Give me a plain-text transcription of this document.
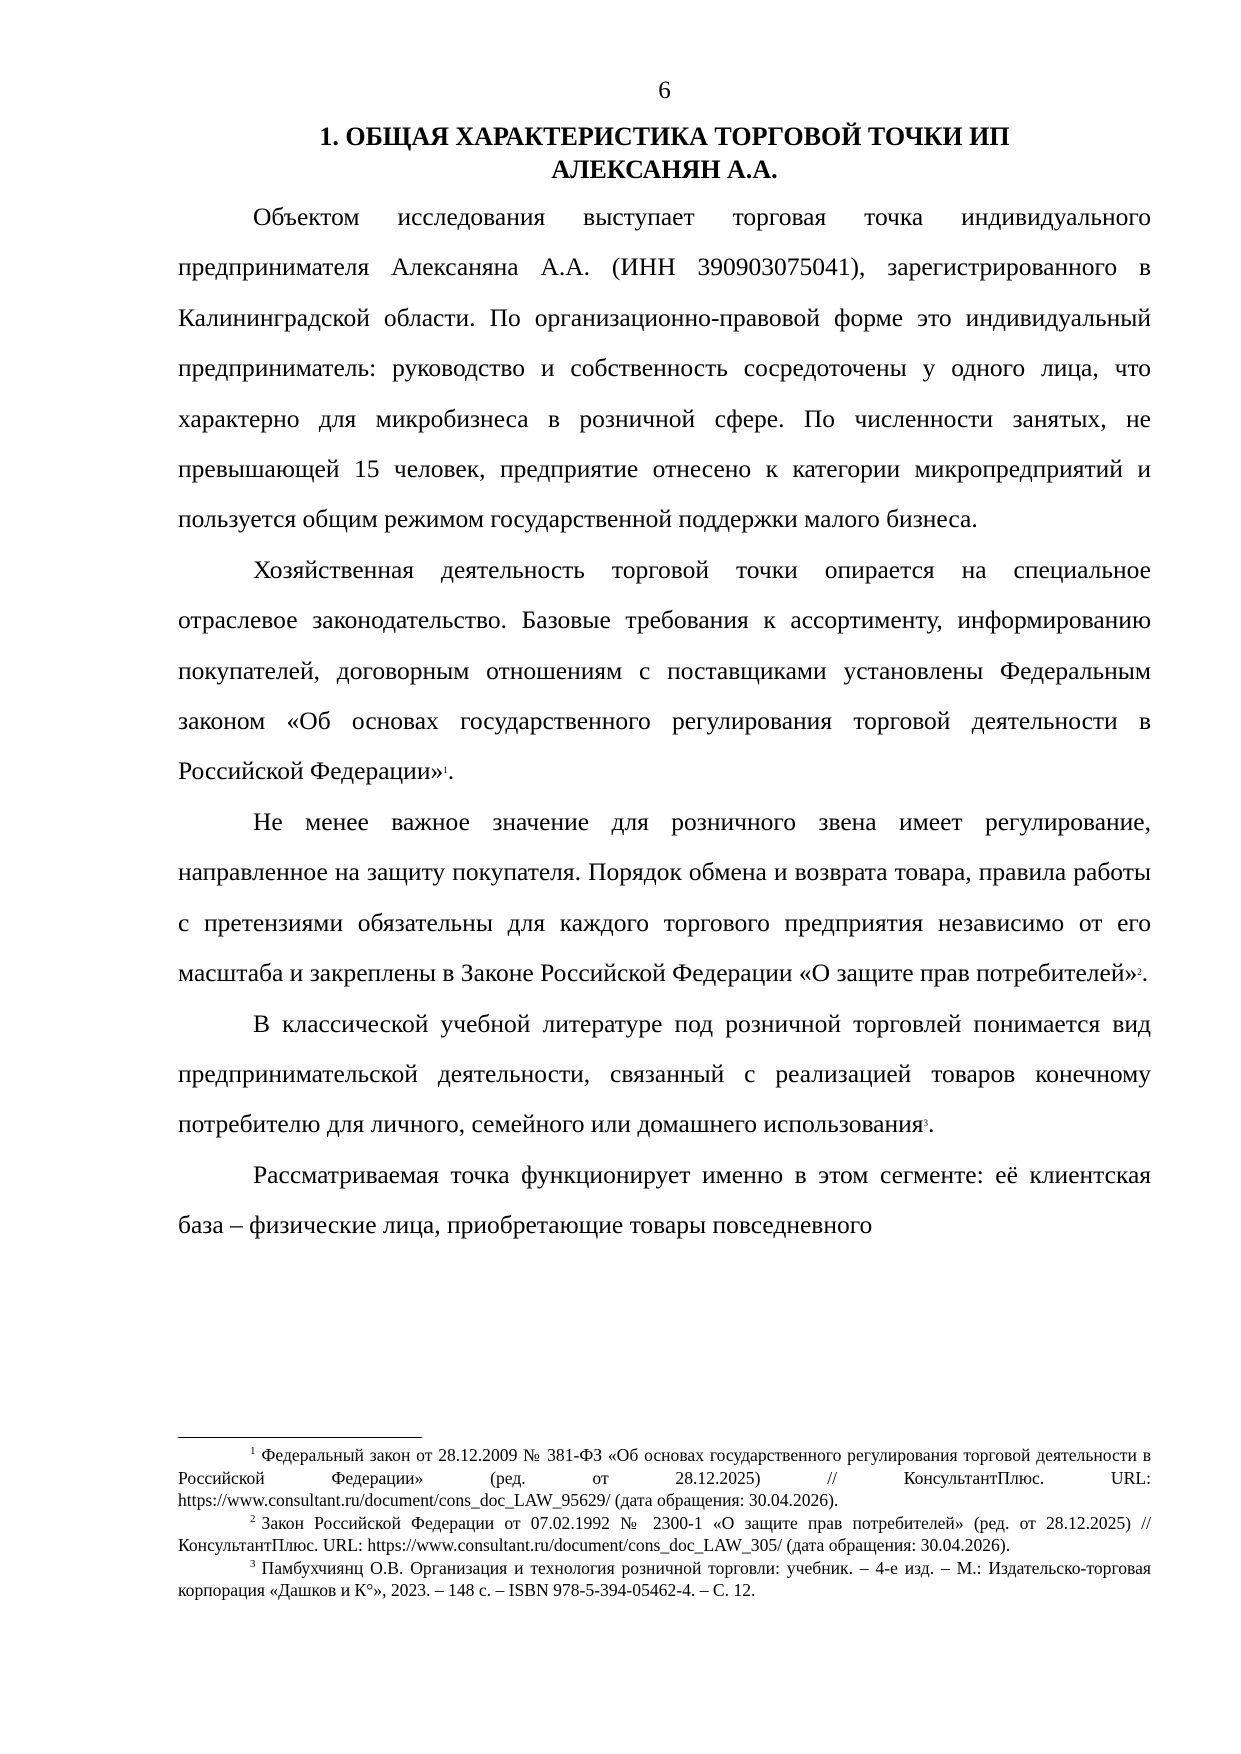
6
1. ОБЩАЯ ХАРАКТЕРИСТИКА ТОРГОВОЙ ТОЧКИ ИП
АЛЕКСАНЯН А.А.

Объектом исследования выступает торговая точка индивидуального предпринимателя Алексаняна А.А. (ИНН 390903075041), зарегистрированного в Калининградской области. По организационно-правовой форме это индивидуальный предприниматель: руководство и собственность сосредоточены у одного лица, что характерно для микробизнеса в розничной сфере. По численности занятых, не превышающей 15 человек, предприятие отнесено к категории микропредприятий и пользуется общим режимом государственной поддержки малого бизнеса.

Хозяйственная деятельность торговой точки опирается на специальное отраслевое законодательство. Базовые требования к ассортименту, информированию покупателей, договорным отношениям с поставщиками установлены Федеральным законом «Об основах государственного регулирования торговой деятельности в Российской Федерации»$^1$.

Не менее важное значение для розничного звена имеет регулирование, направленное на защиту покупателя. Порядок обмена и возврата товара, правила работы с претензиями обязательны для каждого торгового предприятия независимо от его масштаба и закреплены в Законе Российской Федерации «О защите прав потребителей»$^2$.

В классической учебной литературе под розничной торговлей понимается вид предпринимательской деятельности, связанный с реализацией товаров конечному потребителю для личного, семейного или домашнего использования$^3$.

Рассматриваемая точка функционирует именно в этом сегменте: её клиентская база – физические лица, приобретающие товары повседневного

$^1$ Федеральный закон от 28.12.2009 № 381-ФЗ «Об основах государственного регулирования торговой деятельности в Российской Федерации» (ред. от 28.12.2025) // КонсультантПлюс. URL: https://www.consultant.ru/document/cons_doc_LAW_95629/ (дата обращения: 30.04.2026).

$^2$ Закон Российской Федерации от 07.02.1992 № 2300-1 «О защите прав потребителей» (ред. от 28.12.2025) // КонсультантПлюс. URL: https://www.consultant.ru/document/cons_doc_LAW_305/ (дата обращения: 30.04.2026).

$^3$ Памбухчиянц О.В. Организация и технология розничной торговли: учебник. – 4-е изд. – М.: Издательско-торговая корпорация «Дашков и К°», 2023. – 148 с. – ISBN 978-5-394-05462-4. – С. 12.
